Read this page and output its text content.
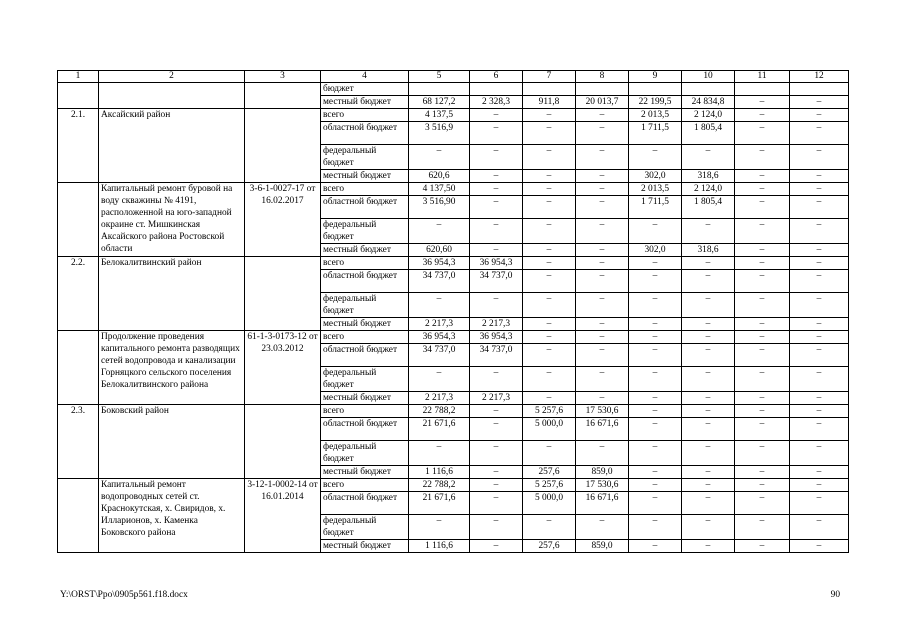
1	2	3	4	5	6	7	8	9	10	11	12
			бюджет								
			местный бюджет	68 127,2	2 328,3	911,8	20 013,7	22 199,5	24 834,8	–	–
2.1.	Аксайский район		всего	4 137,5	–	–	–	2 013,5	2 124,0	–	–
			областной бюджет	3 516,9	–	–	–	1 711,5	1 805,4	–	–
			федеральный бюджет	–	–	–	–	–	–	–	–
			местный бюджет	620,6	–	–	–	302,0	318,6	–	–
	Капитальный ремонт буровой на воду скважины № 4191, расположенной на юго-западной окраине ст. Мишкинская Аксайского района Ростовской области	3-6-1-0027-17 от 16.02.2017	всего	4 137,50	–	–	–	2 013,5	2 124,0	–	–
			областной бюджет	3 516,90	–	–	–	1 711,5	1 805,4	–	–
			федеральный бюджет	–	–	–	–	–	–	–	–
			местный бюджет	620,60	–	–	–	302,0	318,6	–	–
2.2.	Белокалитвинский район		всего	36 954,3	36 954,3	–	–	–	–	–	–
			областной бюджет	34 737,0	34 737,0	–	–	–	–	–	–
			федеральный бюджет	–	–	–	–	–	–	–	–
			местный бюджет	2 217,3	2 217,3	–	–	–	–	–	–
	Продолжение проведения капитального ремонта разводящих сетей водопровода и канализации Горняцкого сельского поселения Белокалитвинского района	61-1-3-0173-12 от 23.03.2012	всего	36 954,3	36 954,3	–	–	–	–	–	–
			областной бюджет	34 737,0	34 737,0	–	–	–	–	–	–
			федеральный бюджет	–	–	–	–	–	–	–	–
			местный бюджет	2 217,3	2 217,3	–	–	–	–	–	–
2.3.	Боковский район		всего	22 788,2	–	5 257,6	17 530,6	–	–	–	–
			областной бюджет	21 671,6	–	5 000,0	16 671,6	–	–	–	–
			федеральный бюджет	–	–	–	–	–	–	–	–
			местный бюджет	1 116,6	–	257,6	859,0	–	–	–	–
	Капитальный ремонт водопроводных сетей ст. Краснокутская, х. Свиридов, х. Илларионов, х. Каменка Боковского района	3-12-1-0002-14 от 16.01.2014	всего	22 788,2	–	5 257,6	17 530,6	–	–	–	–
			областной бюджет	21 671,6	–	5 000,0	16 671,6	–	–	–	–
			федеральный бюджет	–	–	–	–	–	–	–	–
			местный бюджет	1 116,6	–	257,6	859,0	–	–	–	–
Y:\ORST\Ppo\0905p561.f18.docx	90
